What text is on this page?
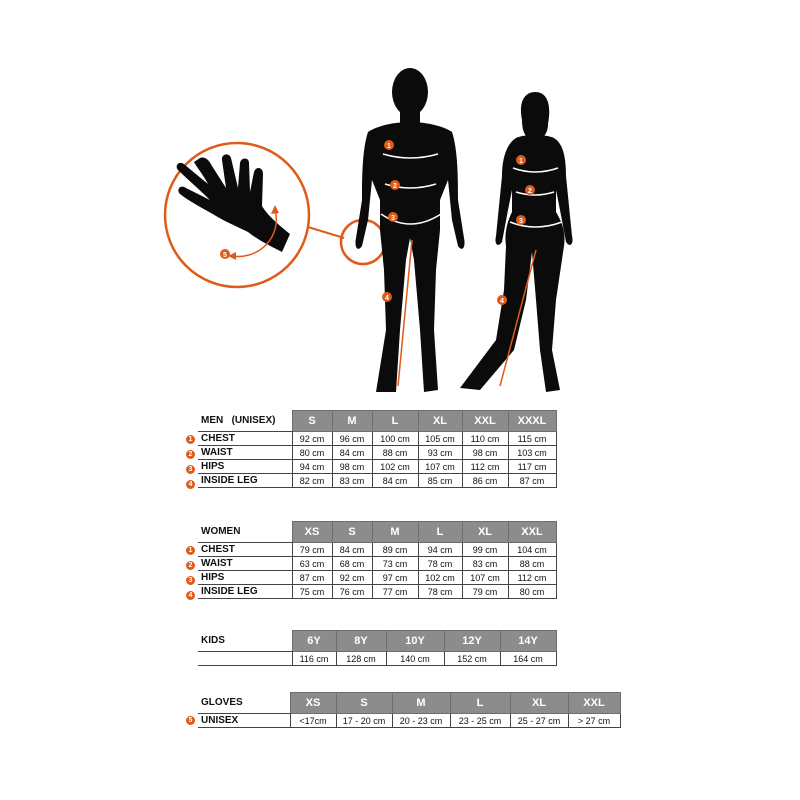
5
1
2
3
4
1
2
3
4
1
2
3
4
MEN (UNISEX)	S	M	L	XL	XXL	XXXL
CHEST	92 cm	96 cm	100 cm	105 cm	110 cm	115 cm
WAIST	80 cm	84 cm	88 cm	93 cm	98 cm	103 cm
HIPS	94 cm	98 cm	102 cm	107 cm	112 cm	117 cm
INSIDE LEG	82 cm	83 cm	84 cm	85 cm	86 cm	87 cm
1
2
3
4
WOMEN	XS	S	M	L	XL	XXL
CHEST	79 cm	84 cm	89 cm	94 cm	99 cm	104 cm
WAIST	63 cm	68 cm	73 cm	78 cm	83 cm	88 cm
HIPS	87 cm	92 cm	97 cm	102 cm	107 cm	112 cm
INSIDE LEG	75 cm	76 cm	77 cm	78 cm	79 cm	80 cm
KIDS	6Y	8Y	10Y	12Y	14Y
	116 cm	128 cm	140 cm	152 cm	164 cm
5
GLOVES	XS	S	M	L	XL	XXL
UNISEX	<17cm	17 - 20 cm	20 - 23 cm	23 - 25 cm	25 - 27 cm	> 27 cm
